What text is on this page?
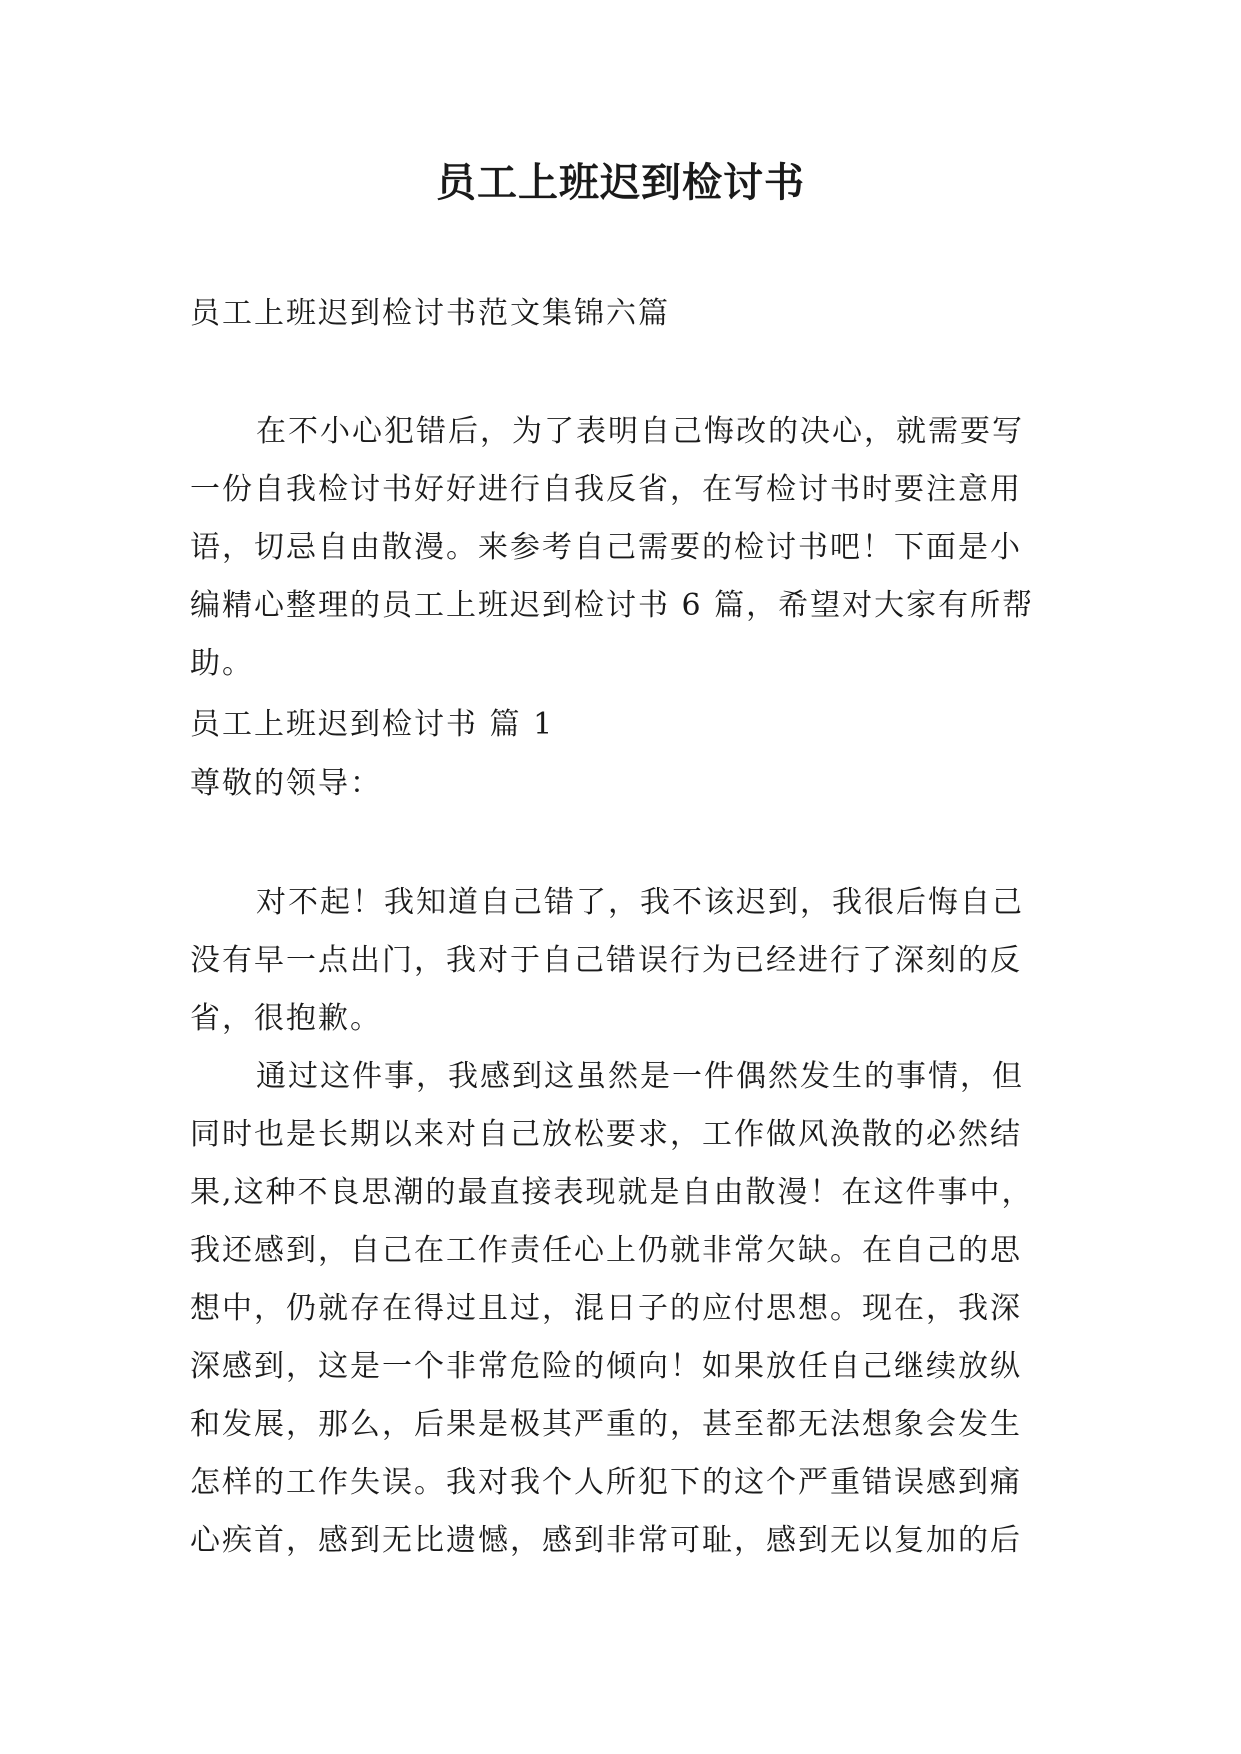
员工上班迟到检讨书
员工上班迟到检讨书范文集锦六篇
在不小心犯错后，为了表明自己悔改的决心，就需要写
一份自我检讨书好好进行自我反省，在写检讨书时要注意用
语，切忌自由散漫。来参考自己需要的检讨书吧！下面是小
编精心整理的员工上班迟到检讨书 6 篇，希望对大家有所帮
助。
员工上班迟到检讨书 篇 1
尊敬的领导：
对不起！我知道自己错了，我不该迟到，我很后悔自己
没有早一点出门，我对于自己错误行为已经进行了深刻的反
省，很抱歉。
通过这件事，我感到这虽然是一件偶然发生的事情，但
同时也是长期以来对自己放松要求，工作做风涣散的必然结
果,这种不良思潮的最直接表现就是自由散漫！在这件事中，
我还感到，自己在工作责任心上仍就非常欠缺。在自己的思
想中，仍就存在得过且过，混日子的应付思想。现在，我深
深感到，这是一个非常危险的倾向！如果放任自己继续放纵
和发展，那么，后果是极其严重的，甚至都无法想象会发生
怎样的工作失误。我对我个人所犯下的这个严重错误感到痛
心疾首，感到无比遗憾，感到非常可耻，感到无以复加的后
